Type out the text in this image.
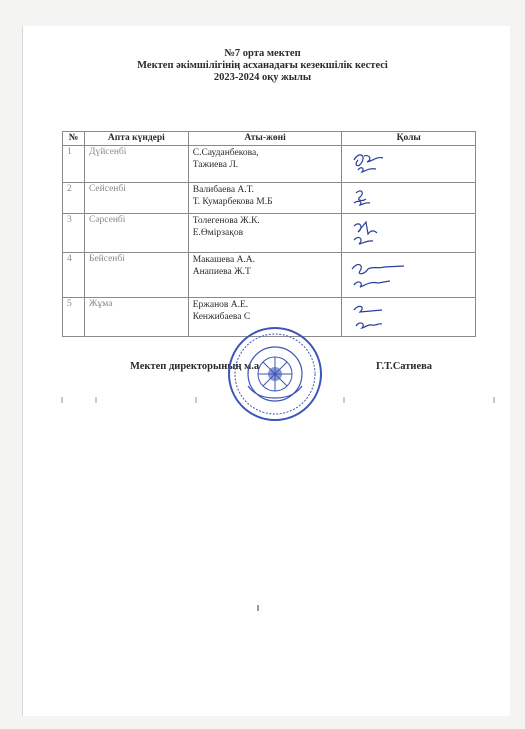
№7 орта мектеп
Мектеп әкімшілігінің асханадағы кезекшілік кестесі
2023-2024 оқу жылы
№	Апта күндері	Аты-жөні	Қолы
1	Дүйсенбі	С.Сауданбекова,
Тажиева Л.

2	Сейсенбі	Валибаева А.Т.
Т. Кумарбекова М.Б

3	Сәрсенбі	Толегенова Ж.К.
Е.Өмірзақов

4	Бейсенбі	Макашева А.А.
Анапиева Ж.Т

5	Жұма	Ержанов А.Е.
Кенжибаева С

Мектеп директорының м.а	Г.Т.Сатиева
